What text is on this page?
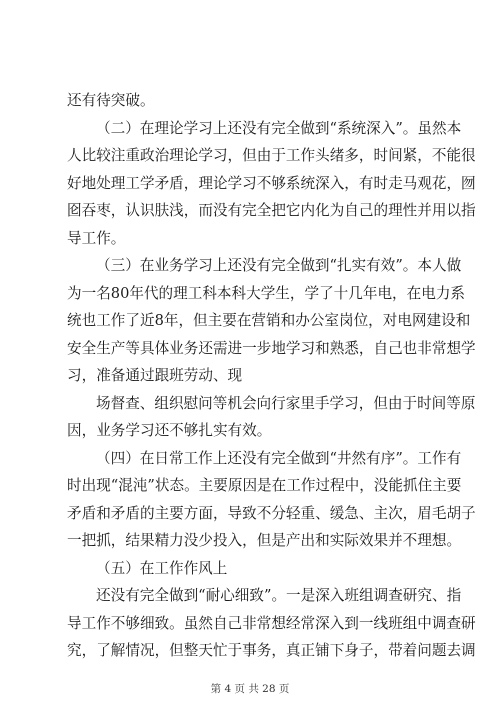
还有待突破。
（二）在理论学习上还没有完全做到“系统深入”。虽然本
人比较注重政治理论学习，但由于工作头绪多，时间紧，不能很
好地处理工学矛盾，理论学习不够系统深入，有时走马观花，囫
囵吞枣，认识肤浅，而没有完全把它内化为自己的理性并用以指
导工作。
（三）在业务学习上还没有完全做到“扎实有效”。本人做
为一名80年代的理工科本科大学生，学了十几年电，在电力系
统也工作了近8年，但主要在营销和办公室岗位，对电网建设和
安全生产等具体业务还需进一步地学习和熟悉，自己也非常想学
习，准备通过跟班劳动、现
场督查、组织慰问等机会向行家里手学习，但由于时间等原
因，业务学习还不够扎实有效。
（四）在日常工作上还没有完全做到“井然有序”。工作有
时出现“混沌”状态。主要原因是在工作过程中，没能抓住主要
矛盾和矛盾的主要方面，导致不分轻重、缓急、主次，眉毛胡子
一把抓，结果精力没少投入，但是产出和实际效果并不理想。
（五）在工作作风上
还没有完全做到“耐心细致”。一是深入班组调查研究、指
导工作不够细致。虽然自己非常想经常深入到一线班组中调查研
究，了解情况，但整天忙于事务，真正铺下身子，带着问题去调
第 4 页 共 28 页
